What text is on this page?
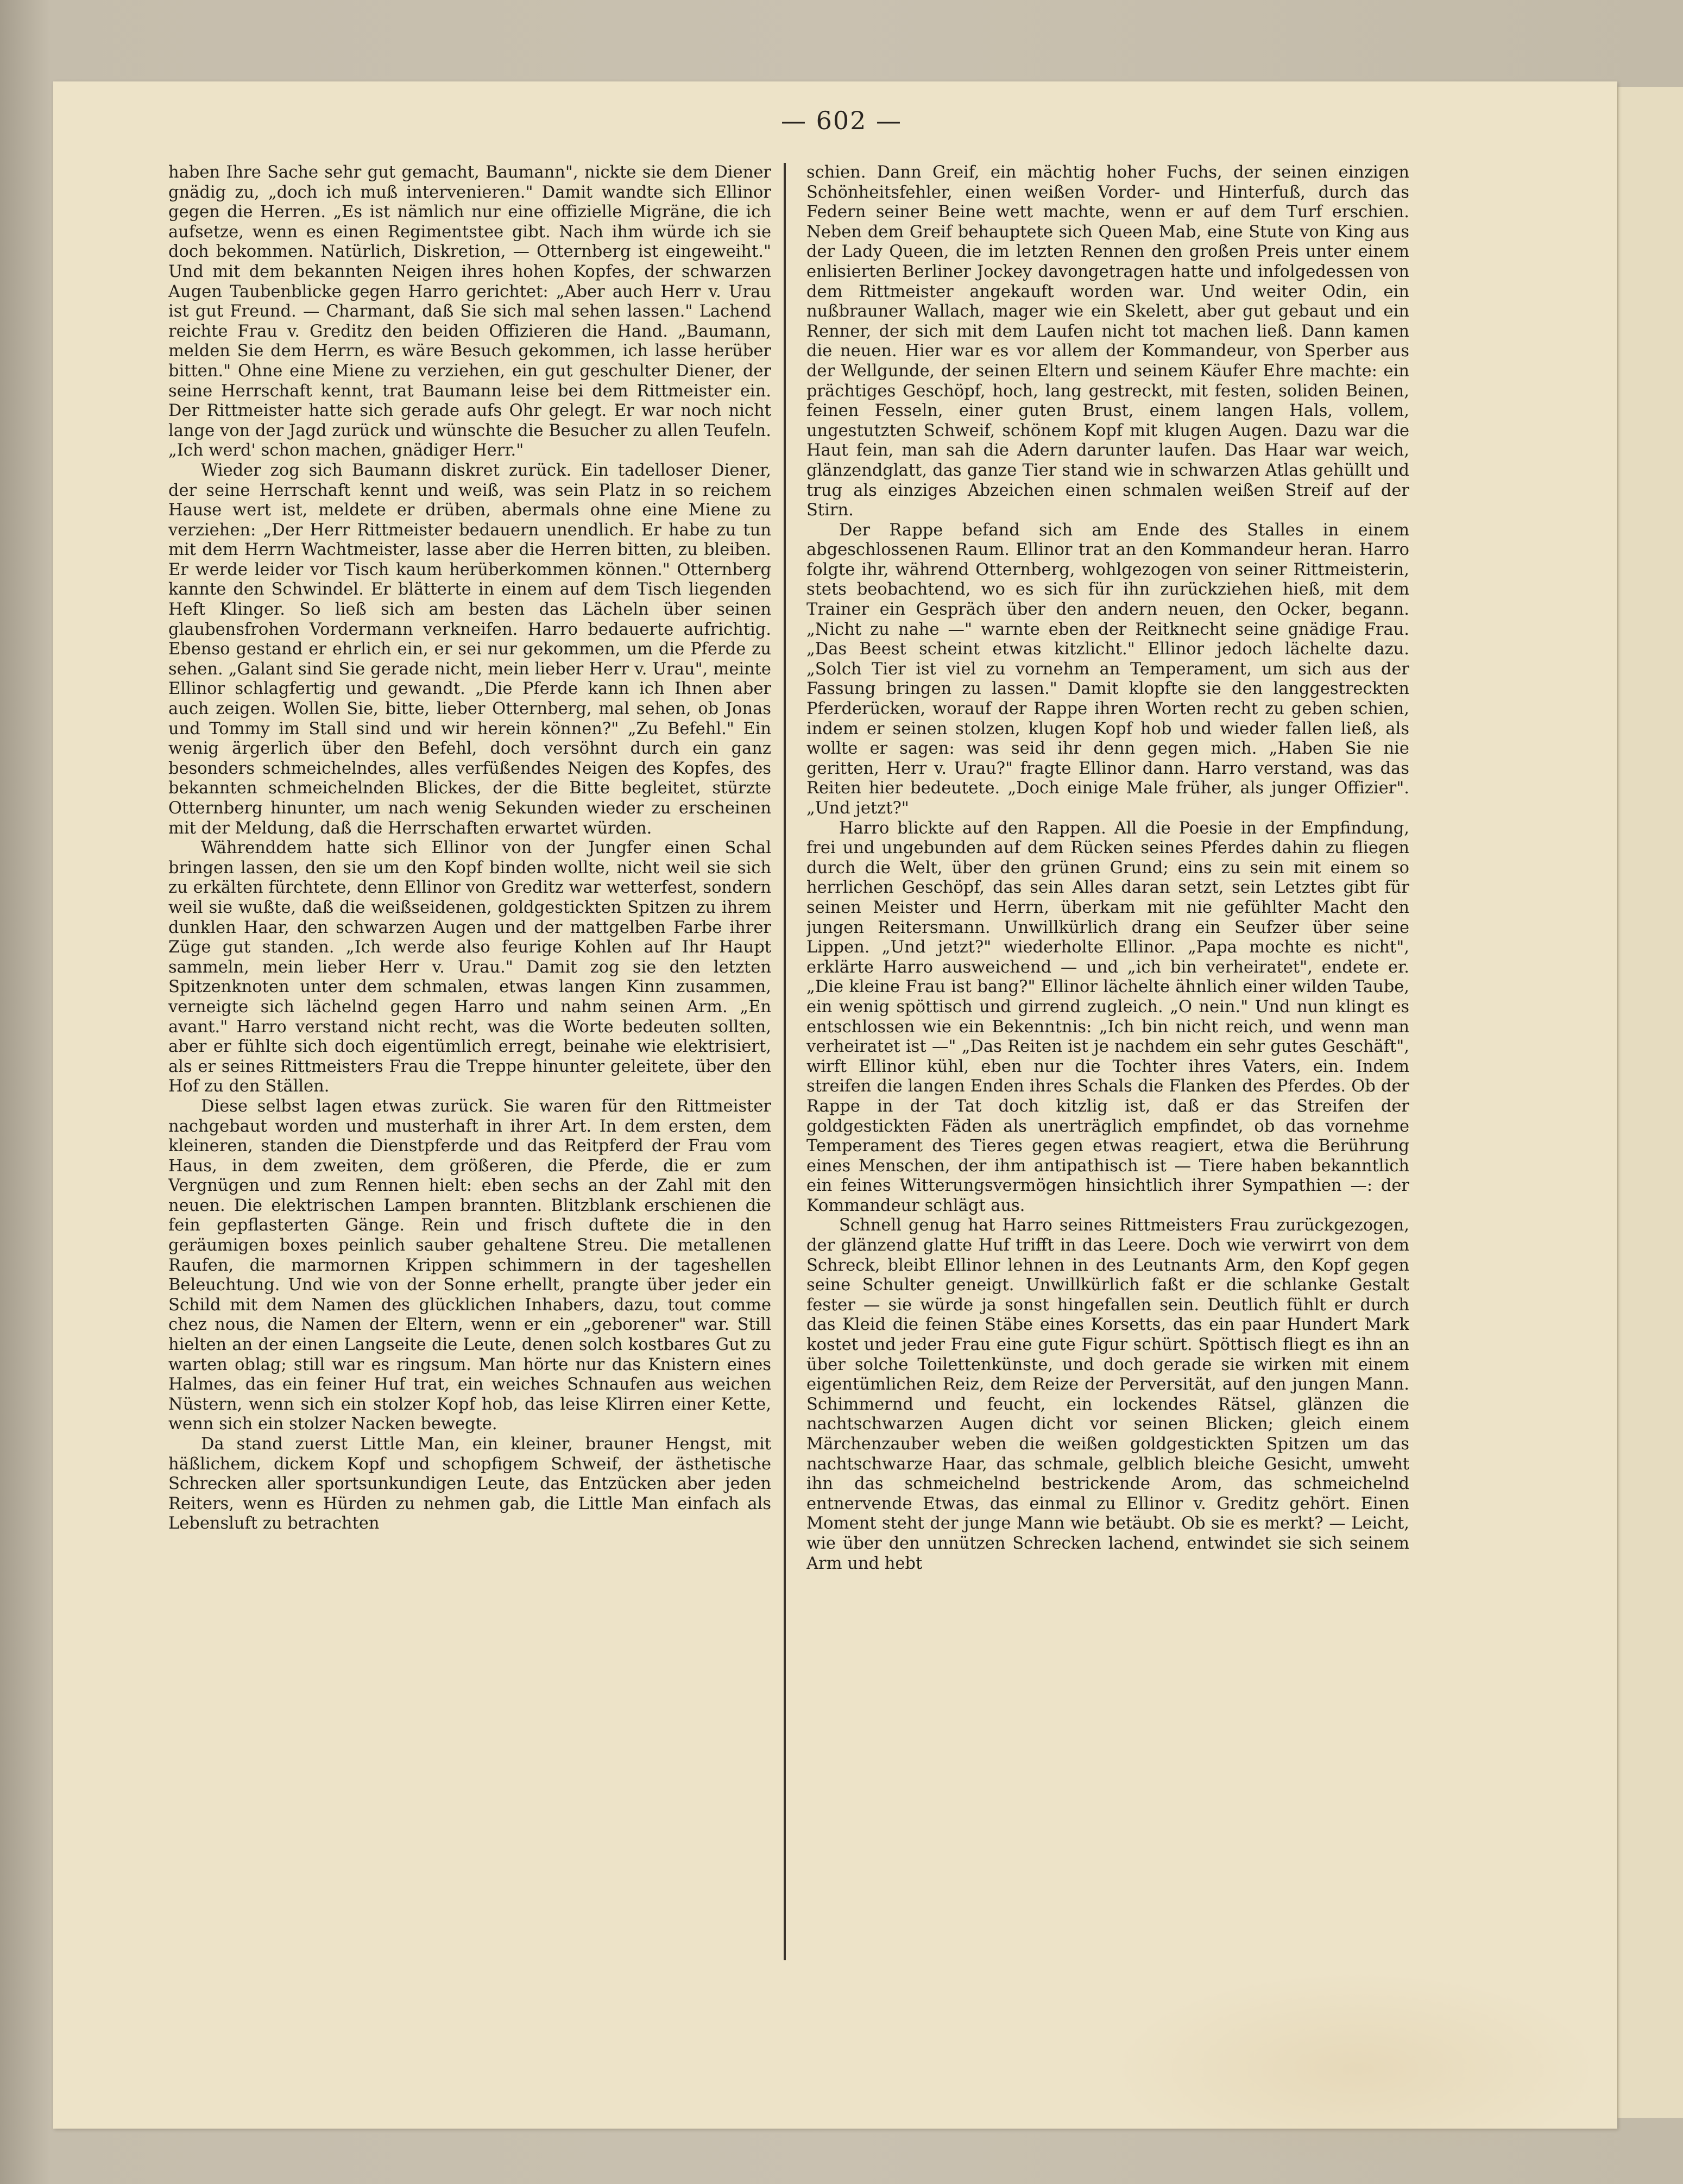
— 602 —

haben Ihre Sache sehr gut gemacht, Baumann", nickte sie dem Diener gnädig zu, „doch ich muß intervenieren." Damit wandte sich Ellinor gegen die Herren. „Es ist nämlich nur eine offizielle Migräne, die ich aufsetze, wenn es einen Regimentstee gibt. Nach ihm würde ich sie doch bekommen. Natürlich, Diskretion, — Otternberg ist eingeweiht." Und mit dem bekannten Neigen ihres hohen Kopfes, der schwarzen Augen Taubenblicke gegen Harro gerichtet: „Aber auch Herr v. Urau ist gut Freund. — Charmant, daß Sie sich mal sehen lassen." Lachend reichte Frau v. Greditz den beiden Offizieren die Hand. „Baumann, melden Sie dem Herrn, es wäre Besuch gekommen, ich lasse herüber bitten." Ohne eine Miene zu verziehen, ein gut geschulter Diener, der seine Herrschaft kennt, trat Baumann leise bei dem Rittmeister ein. Der Rittmeister hatte sich gerade aufs Ohr gelegt. Er war noch nicht lange von der Jagd zurück und wünschte die Besucher zu allen Teufeln. „Ich werd' schon machen, gnädiger Herr."

Wieder zog sich Baumann diskret zurück. Ein tadelloser Diener, der seine Herrschaft kennt und weiß, was sein Platz in so reichem Hause wert ist, meldete er drüben, abermals ohne eine Miene zu verziehen: „Der Herr Rittmeister bedauern unendlich. Er habe zu tun mit dem Herrn Wachtmeister, lasse aber die Herren bitten, zu bleiben. Er werde leider vor Tisch kaum herüberkommen können." Otternberg kannte den Schwindel. Er blätterte in einem auf dem Tisch liegenden Heft Klinger. So ließ sich am besten das Lächeln über seinen glaubensfrohen Vordermann verkneifen. Harro bedauerte aufrichtig. Ebenso gestand er ehrlich ein, er sei nur gekommen, um die Pferde zu sehen. „Galant sind Sie gerade nicht, mein lieber Herr v. Urau", meinte Ellinor schlagfertig und gewandt. „Die Pferde kann ich Ihnen aber auch zeigen. Wollen Sie, bitte, lieber Otternberg, mal sehen, ob Jonas und Tommy im Stall sind und wir herein können?" „Zu Befehl." Ein wenig ärgerlich über den Befehl, doch versöhnt durch ein ganz besonders schmeichelndes, alles verfüßendes Neigen des Kopfes, des bekannten schmeichelnden Blickes, der die Bitte begleitet, stürzte Otternberg hinunter, um nach wenig Sekunden wieder zu erscheinen mit der Meldung, daß die Herrschaften erwartet würden.

Währenddem hatte sich Ellinor von der Jungfer einen Schal bringen lassen, den sie um den Kopf binden wollte, nicht weil sie sich zu erkälten fürchtete, denn Ellinor von Greditz war wetterfest, sondern weil sie wußte, daß die weißseidenen, goldgestickten Spitzen zu ihrem dunklen Haar, den schwarzen Augen und der mattgelben Farbe ihrer Züge gut standen. „Ich werde also feurige Kohlen auf Ihr Haupt sammeln, mein lieber Herr v. Urau." Damit zog sie den letzten Spitzenknoten unter dem schmalen, etwas langen Kinn zusammen, verneigte sich lächelnd gegen Harro und nahm seinen Arm. „En avant." Harro verstand nicht recht, was die Worte bedeuten sollten, aber er fühlte sich doch eigentümlich erregt, beinahe wie elektrisiert, als er seines Rittmeisters Frau die Treppe hinunter geleitete, über den Hof zu den Ställen.

Diese selbst lagen etwas zurück. Sie waren für den Rittmeister nachgebaut worden und musterhaft in ihrer Art. In dem ersten, dem kleineren, standen die Dienstpferde und das Reitpferd der Frau vom Haus, in dem zweiten, dem größeren, die Pferde, die er zum Vergnügen und zum Rennen hielt: eben sechs an der Zahl mit den neuen. Die elektrischen Lampen brannten. Blitzblank erschienen die fein gepflasterten Gänge. Rein und frisch duftete die in den geräumigen boxes peinlich sauber gehaltene Streu. Die metallenen Raufen, die marmornen Krippen schimmern in der tageshellen Beleuchtung. Und wie von der Sonne erhellt, prangte über jeder ein Schild mit dem Namen des glücklichen Inhabers, dazu, tout comme chez nous, die Namen der Eltern, wenn er ein „geborener" war. Still hielten an der einen Langseite die Leute, denen solch kostbares Gut zu warten oblag; still war es ringsum. Man hörte nur das Knistern eines Halmes, das ein feiner Huf trat, ein weiches Schnaufen aus weichen Nüstern, wenn sich ein stolzer Kopf hob, das leise Klirren einer Kette, wenn sich ein stolzer Nacken bewegte.

Da stand zuerst Little Man, ein kleiner, brauner Hengst, mit häßlichem, dickem Kopf und schopfigem Schweif, der ästhetische Schrecken aller sportsunkundigen Leute, das Entzücken aber jeden Reiters, wenn es Hürden zu nehmen gab, die Little Man einfach als Lebensluft zu betrachten

schien. Dann Greif, ein mächtig hoher Fuchs, der seinen einzigen Schönheitsfehler, einen weißen Vorder- und Hinterfuß, durch das Federn seiner Beine wett machte, wenn er auf dem Turf erschien. Neben dem Greif behauptete sich Queen Mab, eine Stute von King aus der Lady Queen, die im letzten Rennen den großen Preis unter einem enlisierten Berliner Jockey davongetragen hatte und infolgedessen von dem Rittmeister angekauft worden war. Und weiter Odin, ein nußbrauner Wallach, mager wie ein Skelett, aber gut gebaut und ein Renner, der sich mit dem Laufen nicht tot machen ließ. Dann kamen die neuen. Hier war es vor allem der Kommandeur, von Sperber aus der Wellgunde, der seinen Eltern und seinem Käufer Ehre machte: ein prächtiges Geschöpf, hoch, lang gestreckt, mit festen, soliden Beinen, feinen Fesseln, einer guten Brust, einem langen Hals, vollem, ungestutzten Schweif, schönem Kopf mit klugen Augen. Dazu war die Haut fein, man sah die Adern darunter laufen. Das Haar war weich, glänzendglatt, das ganze Tier stand wie in schwarzen Atlas gehüllt und trug als einziges Abzeichen einen schmalen weißen Streif auf der Stirn.

Der Rappe befand sich am Ende des Stalles in einem abgeschlossenen Raum. Ellinor trat an den Kommandeur heran. Harro folgte ihr, während Otternberg, wohlgezogen von seiner Rittmeisterin, stets beobachtend, wo es sich für ihn zurückziehen hieß, mit dem Trainer ein Gespräch über den andern neuen, den Ocker, begann. „Nicht zu nahe —" warnte eben der Reitknecht seine gnädige Frau. „Das Beest scheint etwas kitzlicht." Ellinor jedoch lächelte dazu. „Solch Tier ist viel zu vornehm an Temperament, um sich aus der Fassung bringen zu lassen." Damit klopfte sie den langgestreckten Pferderücken, worauf der Rappe ihren Worten recht zu geben schien, indem er seinen stolzen, klugen Kopf hob und wieder fallen ließ, als wollte er sagen: was seid ihr denn gegen mich. „Haben Sie nie geritten, Herr v. Urau?" fragte Ellinor dann. Harro verstand, was das Reiten hier bedeutete. „Doch einige Male früher, als junger Offizier". „Und jetzt?"

Harro blickte auf den Rappen. All die Poesie in der Empfindung, frei und ungebunden auf dem Rücken seines Pferdes dahin zu fliegen durch die Welt, über den grünen Grund; eins zu sein mit einem so herrlichen Geschöpf, das sein Alles daran setzt, sein Letztes gibt für seinen Meister und Herrn, überkam mit nie gefühlter Macht den jungen Reitersmann. Unwillkürlich drang ein Seufzer über seine Lippen. „Und jetzt?" wiederholte Ellinor. „Papa mochte es nicht", erklärte Harro ausweichend — und „ich bin verheiratet", endete er. „Die kleine Frau ist bang?" Ellinor lächelte ähnlich einer wilden Taube, ein wenig spöttisch und girrend zugleich. „O nein." Und nun klingt es entschlossen wie ein Bekenntnis: „Ich bin nicht reich, und wenn man verheiratet ist —" „Das Reiten ist je nachdem ein sehr gutes Geschäft", wirft Ellinor kühl, eben nur die Tochter ihres Vaters, ein. Indem streifen die langen Enden ihres Schals die Flanken des Pferdes. Ob der Rappe in der Tat doch kitzlig ist, daß er das Streifen der goldgestickten Fäden als unerträglich empfindet, ob das vornehme Temperament des Tieres gegen etwas reagiert, etwa die Berührung eines Menschen, der ihm antipathisch ist — Tiere haben bekanntlich ein feines Witterungsvermögen hinsichtlich ihrer Sympathien —: der Kommandeur schlägt aus.

Schnell genug hat Harro seines Rittmeisters Frau zurückgezogen, der glänzend glatte Huf trifft in das Leere. Doch wie verwirrt von dem Schreck, bleibt Ellinor lehnen in des Leutnants Arm, den Kopf gegen seine Schulter geneigt. Unwillkürlich faßt er die schlanke Gestalt fester — sie würde ja sonst hingefallen sein. Deutlich fühlt er durch das Kleid die feinen Stäbe eines Korsetts, das ein paar Hundert Mark kostet und jeder Frau eine gute Figur schürt. Spöttisch fliegt es ihn an über solche Toilettenkünste, und doch gerade sie wirken mit einem eigentümlichen Reiz, dem Reize der Perversität, auf den jungen Mann. Schimmernd und feucht, ein lockendes Rätsel, glänzen die nachtschwarzen Augen dicht vor seinen Blicken; gleich einem Märchenzauber weben die weißen goldgestickten Spitzen um das nachtschwarze Haar, das schmale, gelblich bleiche Gesicht, umweht ihn das schmeichelnd bestrickende Arom, das schmeichelnd entnervende Etwas, das einmal zu Ellinor v. Greditz gehört. Einen Moment steht der junge Mann wie betäubt. Ob sie es merkt? — Leicht, wie über den unnützen Schrecken lachend, entwindet sie sich seinem Arm und hebt
